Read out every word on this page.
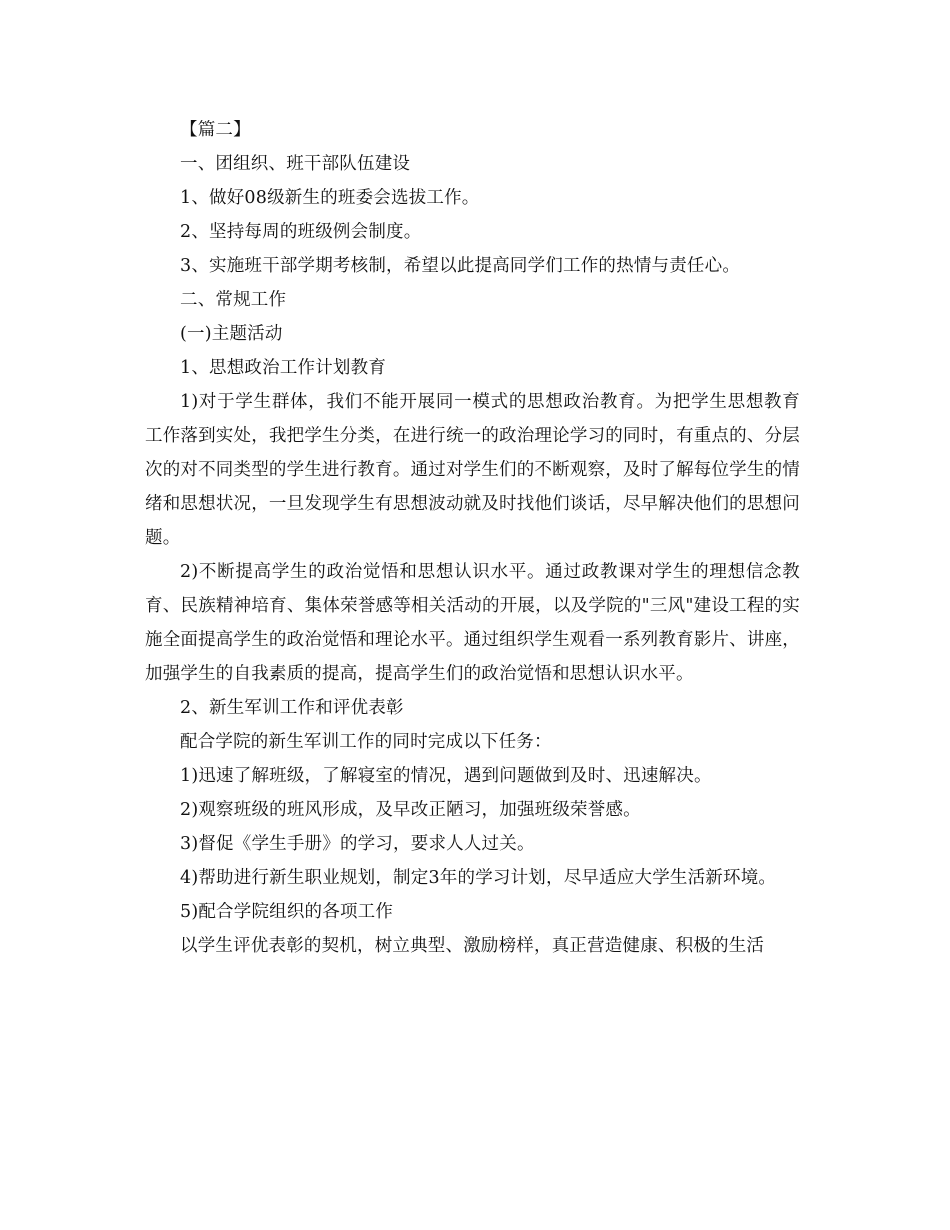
【篇二】

一、团组织、班干部队伍建设

1、做好08级新生的班委会选拔工作。

2、坚持每周的班级例会制度。

3、实施班干部学期考核制，希望以此提高同学们工作的热情与责任心。

二、常规工作

(一)主题活动

1、思想政治工作计划教育

1)对于学生群体，我们不能开展同一模式的思想政治教育。为把学生思想教育工作落到实处，我把学生分类，在进行统一的政治理论学习的同时，有重点的、分层次的对不同类型的学生进行教育。通过对学生们的不断观察，及时了解每位学生的情绪和思想状况，一旦发现学生有思想波动就及时找他们谈话，尽早解决他们的思想问题。

2)不断提高学生的政治觉悟和思想认识水平。通过政教课对学生的理想信念教育、民族精神培育、集体荣誉感等相关活动的开展，以及学院的"三风"建设工程的实施全面提高学生的政治觉悟和理论水平。通过组织学生观看一系列教育影片、讲座，加强学生的自我素质的提高，提高学生们的政治觉悟和思想认识水平。

2、新生军训工作和评优表彰

配合学院的新生军训工作的同时完成以下任务：

1)迅速了解班级，了解寝室的情况，遇到问题做到及时、迅速解决。

2)观察班级的班风形成，及早改正陋习，加强班级荣誉感。

3)督促《学生手册》的学习，要求人人过关。

4)帮助进行新生职业规划，制定3年的学习计划，尽早适应大学生活新环境。

5)配合学院组织的各项工作

以学生评优表彰的契机，树立典型、激励榜样，真正营造健康、积极的生活
